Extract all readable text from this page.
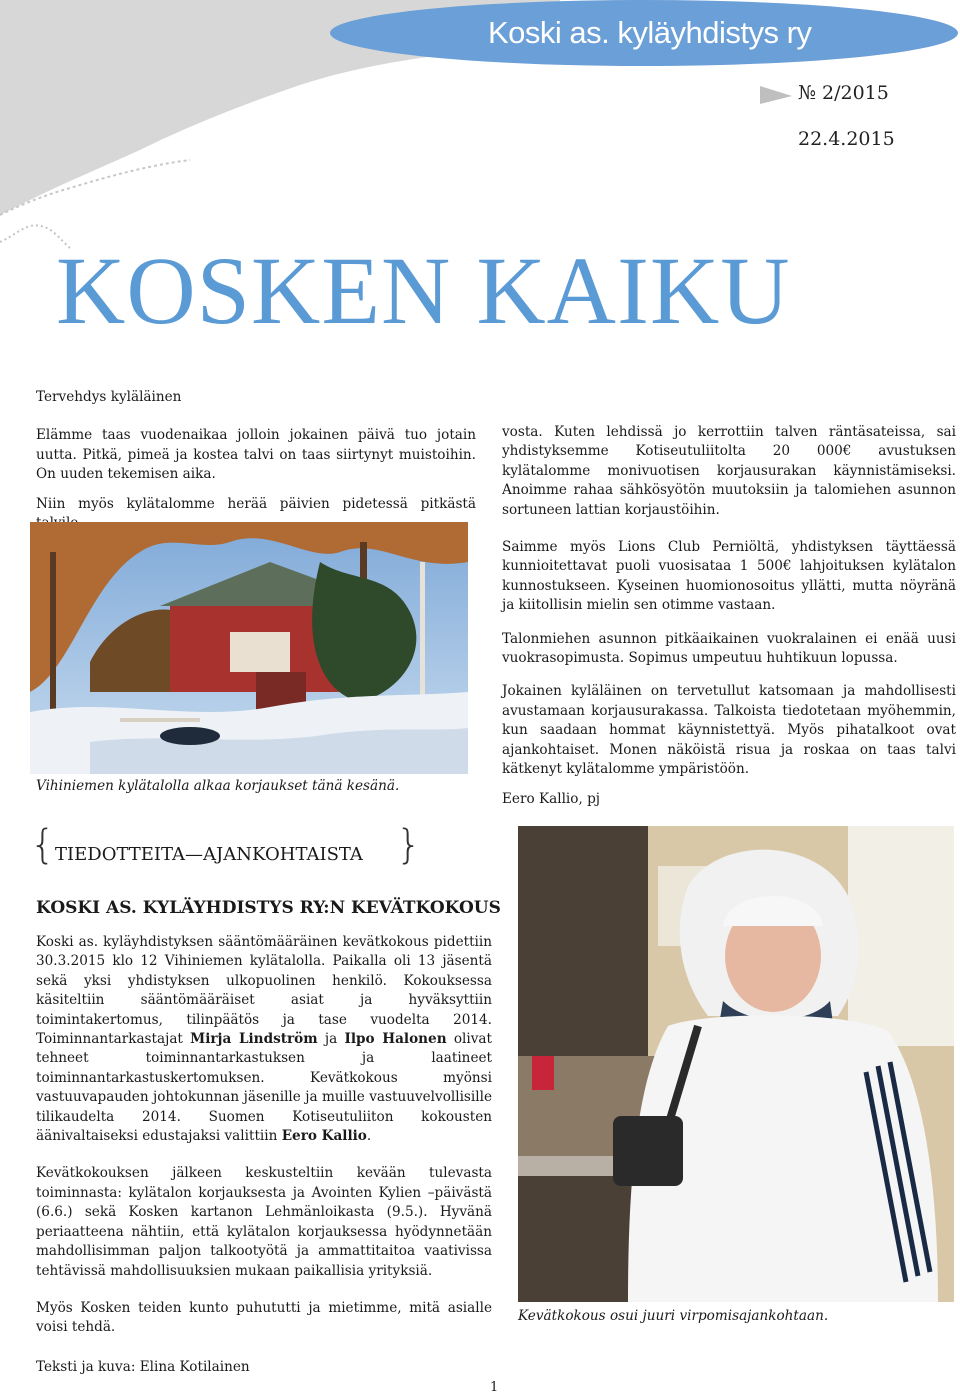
Koski as. kyläyhdistys ry
№ 2/2015
22.4.2015
KOSKEN KAIKU

Tervehdys kyläläinen

Elämme taas vuodenaikaa jolloin jokainen päivä tuo jotain uutta. Pitkä, pimeä ja kostea talvi on taas siirtynyt muistoihin. On uuden tekemisen aika.

Niin myös kylätalomme herää päivien pidetessä pitkästä

Vihiniemen kylätalolla alkaa korjaukset tänä kesänä.

vosta. Kuten lehdissä jo kerrottiin talven räntäsateissa, sai yhdistyksemme Kotiseutuliitolta 20 000€ avustuksen kylätalomme monivuotisen korjausurakan käynnistämiseksi. Anoimme rahaa sähkösyötön muutoksiin ja talomiehen asunnon sortuneen lattian korjaustöihin.

Saimme myös Lions Club Perniöltä, yhdistyksen täyttäessä kunnioitettavat puoli vuosisataa 1 500€ lahjoituksen kylätalon kunnostukseen. Kyseinen huomionosoitus yllätti, mutta nöyränä ja kiitollisin mielin sen otimme vastaan.

Talonmiehen asunnon pitkäaikainen vuokralainen ei enää uusi vuokrasopimusta. Sopimus umpeutuu huhtikuun lopussa.

Jokainen kyläläinen on tervetullut katsomaan ja mahdollisesti avustamaan korjausurakassa. Talkoista tiedotetaan myöhemmin, kun saadaan hommat käynnistettyä. Myös pihatalkoot ovat ajankohtaiset. Monen näköistä risua ja roskaa on taas talvi kätkenyt kylätalomme ympäristöön.

Eero Kallio, pj

{ TIEDOTTEITA—AJANKOHTAISTA }
KOSKI AS. KYLÄYHDISTYS RY:N KEVÄTKOKOUS

Koski as. kyläyhdistyksen sääntömääräinen kevätkokous pidettiin 30.3.2015 klo 12 Vihiniemen kylätalolla. Paikalla oli 13 jäsentä sekä yksi yhdistyksen ulkopuolinen henkilö. Kokouksessa käsiteltiin sääntömääräiset asiat ja hyväksyttiin toimintakertomus, tilinpäätös ja tase vuodelta 2014. Toiminnantarkastajat Mirja Lindström ja Ilpo Halonen olivat tehneet toiminnantarkastuksen ja laatineet toiminnantarkastuskertomuksen. Kevätkokous myönsi vastuuvapauden johtokunnan jäsenille ja muille vastuuvelvollisille tilikaudelta 2014. Suomen Kotiseutuliiton kokousten äänivaltaiseksi edustajaksi valittiin Eero Kallio.

Kevätkokouksen jälkeen keskusteltiin kevään tulevasta toiminnasta: kylätalon korjauksesta ja Avointen Kylien –päivästä (6.6.) sekä Kosken kartanon Lehmänloikasta (9.5.). Hyvänä periaatteena nähtiin, että kylätalon korjauksessa hyödynnetään mahdollisimman paljon talkootyötä ja ammattitaitoa vaativissa tehtävissä mahdollisuuksien mukaan paikallisia yrityksiä.

Myös Kosken teiden kunto puhututti ja mietimme, mitä asialle voisi tehdä.

Teksti ja kuva: Elina Kotilainen

Kevätkokous osui juuri virpomisajankohtaan.
1
